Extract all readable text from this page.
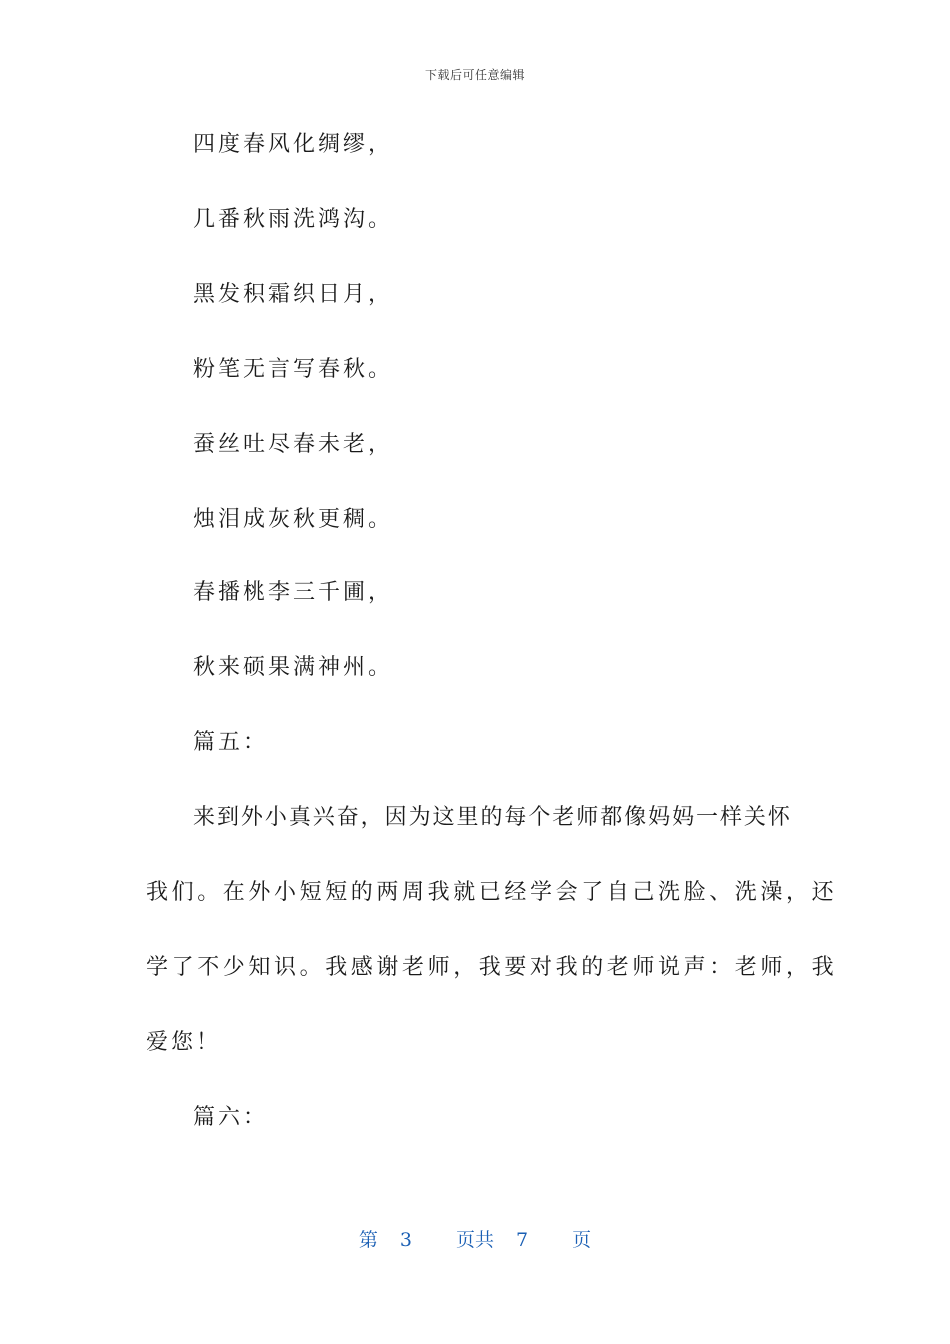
下载后可任意编辑
四度春风化绸缪，
几番秋雨洗鸿沟。
黑发积霜织日月，
粉笔无言写春秋。
蚕丝吐尽春未老，
烛泪成灰秋更稠。
春播桃李三千圃，
秋来硕果满神州。
篇五：
来 到 外 小 真 兴 奋 ， 因 为 这 里 的 每 个 老 师 都 像 妈 妈 一 样 关 怀
我们。在外小短短的两周我就已经学会了自己洗脸、洗澡，还
学了不少知识。我感谢老师，我要对我的老师说声：老师，我
爱您！
篇六：
第 3 页共 7 页
